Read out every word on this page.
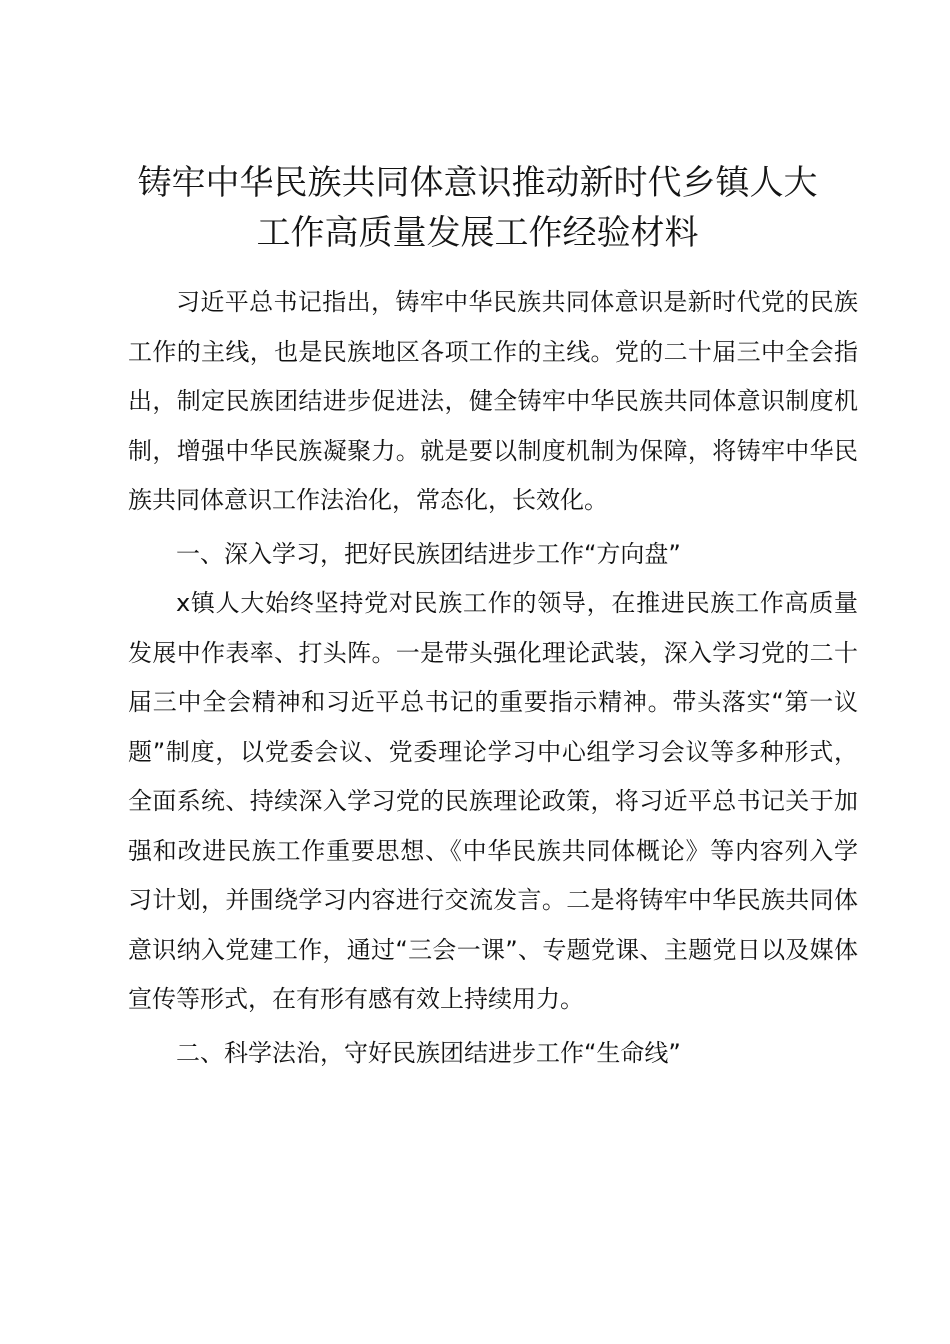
铸牢中华民族共同体意识推动新时代乡镇人大
工作高质量发展工作经验材料

习近平总书记指出，铸牢中华民族共同体意识是新时代党的民族工作的主线，也是民族地区各项工作的主线。党的二十届三中全会指出，制定民族团结进步促进法，健全铸牢中华民族共同体意识制度机制，增强中华民族凝聚力。就是要以制度机制为保障，将铸牢中华民族共同体意识工作法治化，常态化，长效化。

一、深入学习，把好民族团结进步工作“方向盘”

x镇人大始终坚持党对民族工作的领导，在推进民族工作高质量发展中作表率、打头阵。一是带头强化理论武装，深入学习党的二十届三中全会精神和习近平总书记的重要指示精神。带头落实“第一议题”制度，以党委会议、党委理论学习中心组学习会议等多种形式，全面系统、持续深入学习党的民族理论政策，将习近平总书记关于加强和改进民族工作重要思想、《中华民族共同体概论》等内容列入学习计划，并围绕学习内容进行交流发言。二是将铸牢中华民族共同体意识纳入党建工作，通过“三会一课”、专题党课、主题党日以及媒体宣传等形式，在有形有感有效上持续用力。

二、科学法治，守好民族团结进步工作“生命线”
